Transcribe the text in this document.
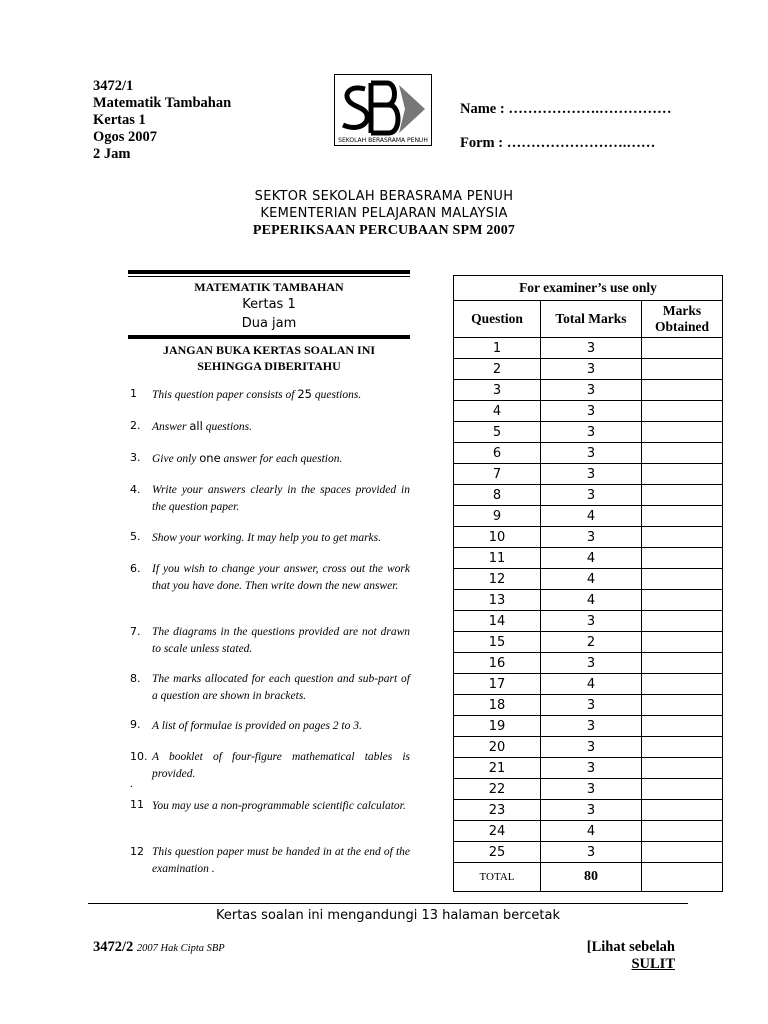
3472/1
Matematik Tambahan
Kertas 1
Ogos 2007
2 Jam
SEKOLAH BERASRAMA PENUH
Name : ……………….……………
Form : …………………….……
SEKTOR SEKOLAH BERASRAMA PENUH
KEMENTERIAN PELAJARAN MALAYSIA
PEPERIKSAAN PERCUBAAN SPM 2007
MATEMATIK TAMBAHAN
Kertas 1
Dua jam
JANGAN BUKA KERTAS SOALAN INI
SEHINGGA DIBERITAHU
1 This question paper consists of 25 questions.
2. Answer all questions.
3. Give only one answer for each question.
4. Write your answers clearly in the spaces provided in the question paper.
5. Show your working. It may help you to get marks.
6. If you wish to change your answer, cross out the work that you have done. Then write down the new answer.
7. The diagrams in the questions provided are not drawn to scale unless stated.
8. The marks allocated for each question and sub-part of a question are shown in brackets.
9. A list of formulae is provided on pages 2 to 3.
10. A booklet of four-figure mathematical tables is provided.
11 You may use a non-programmable scientific calculator.
12 This question paper must be handed in at the end of the examination .
For examiner’s use only		
Question	Total Marks	Marks Obtained
1	3	
2	3	
3	3	
4	3	
5	3	
6	3	
7	3	
8	3	
9	4	
10	3	
11	4	
12	4	
13	4	
14	3	
15	2	
16	3	
17	4	
18	3	
19	3	
20	3	
21	3	
22	3	
23	3	
24	4	
25	3	
TOTAL	80	
Kertas soalan ini mengandungi 13 halaman bercetak
3472/2 2007 Hak Cipta SBP	[Lihat sebelah
SULIT
.
